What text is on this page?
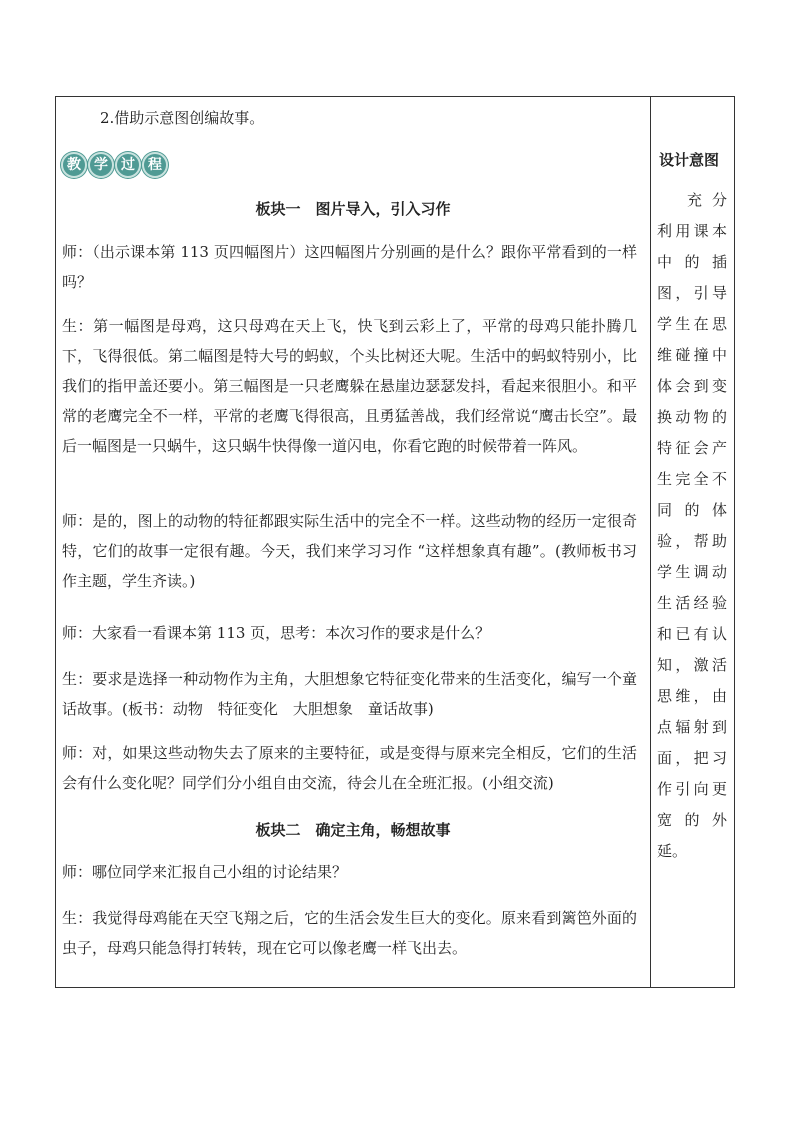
2.借助示意图创编故事。

教 学 过 程
板块一　图片导入，引入习作

师：（出示课本第 113 页四幅图片）这四幅图片分别画的是什么？跟你平常看到的一样吗？

生：第一幅图是母鸡，这只母鸡在天上飞，快飞到云彩上了，平常的母鸡只能扑腾几下，飞得很低。第二幅图是特大号的蚂蚁，个头比树还大呢。生活中的蚂蚁特别小，比我们的指甲盖还要小。第三幅图是一只老鹰躲在悬崖边瑟瑟发抖，看起来很胆小。和平常的老鹰完全不一样，平常的老鹰飞得很高，且勇猛善战，我们经常说“鹰击长空”。最后一幅图是一只蜗牛，这只蜗牛快得像一道闪电，你看它跑的时候带着一阵风。

师：是的，图上的动物的特征都跟实际生活中的完全不一样。这些动物的经历一定很奇特，它们的故事一定很有趣。今天，我们来学习习作 “这样想象真有趣”。(教师板书习作主题，学生齐读。)

师：大家看一看课本第 113 页，思考：本次习作的要求是什么？

生：要求是选择一种动物作为主角，大胆想象它特征变化带来的生活变化，编写一个童话故事。(板书：动物　特征变化　大胆想象　童话故事)

师：对，如果这些动物失去了原来的主要特征，或是变得与原来完全相反，它们的生活会有什么变化呢？同学们分小组自由交流，待会儿在全班汇报。(小组交流)

板块二　确定主角，畅想故事

师：哪位同学来汇报自己小组的讨论结果？

生：我觉得母鸡能在天空飞翔之后，它的生活会发生巨大的变化。原来看到篱笆外面的虫子，母鸡只能急得打转转，现在它可以像老鹰一样飞出去。

设计意图

充分利用课本中的插图，引导学生在思维碰撞中体会到变换动物的特征会产生完全不同的体验，帮助学生调动生活经验和已有认知，激活思维，由点辐射到面，把习作引向更宽的外延。
